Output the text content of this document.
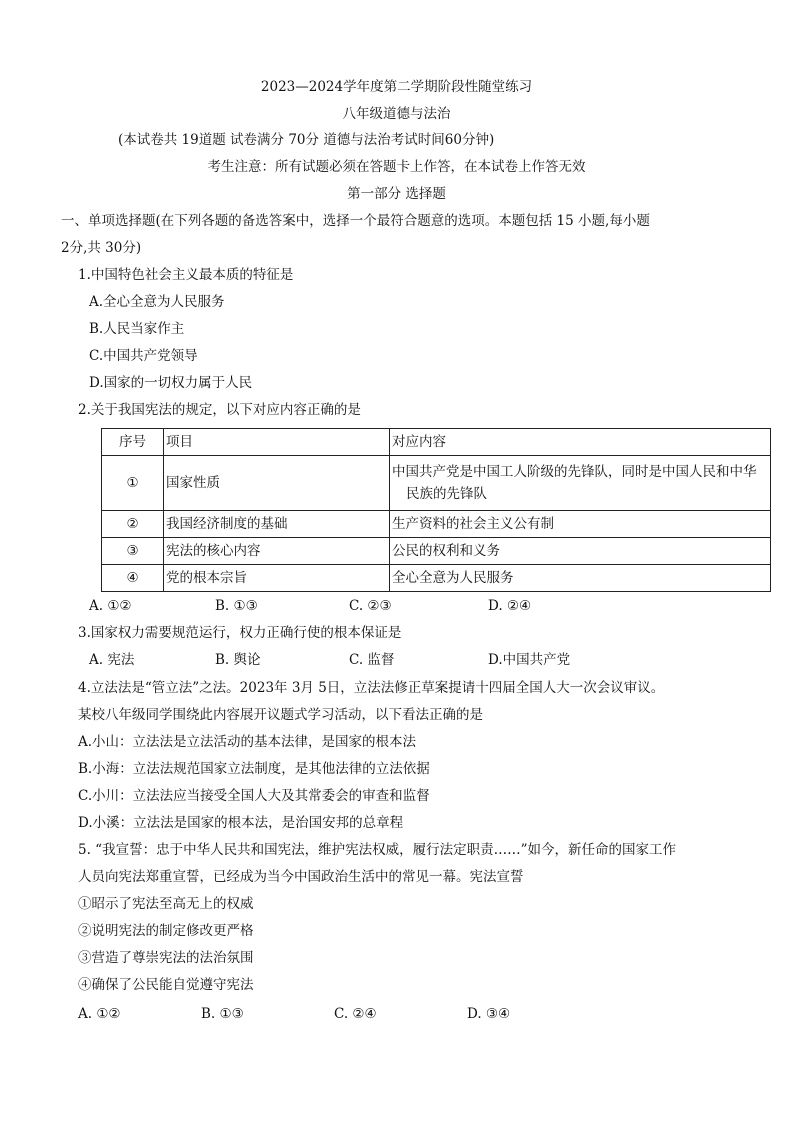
2023—2024学年度第二学期阶段性随堂练习
八年级道德与法治
(本试卷共 19道题 试卷满分 70分 道德与法治考试时间60分钟)
考生注意：所有试题必须在答题卡上作答，在本试卷上作答无效
第一部分 选择题
一、单项选择题(在下列各题的备选答案中，选择一个最符合题意的选项。本题包括 15 小题,每小题
2分,共 30分)
1.中国特色社会主义最本质的特征是
A.全心全意为人民服务
B.人民当家作主
C.中国共产党领导
D.国家的一切权力属于人民
2.关于我国宪法的规定，以下对应内容正确的是
序号	项目	对应内容
①	国家性质	中国共产党是中国工人阶级的先锋队，同时是中国人民和中华
民族的先锋队

②	我国经济制度的基础	生产资料的社会主义公有制
③	宪法的核心内容	公民的权利和义务
④	党的根本宗旨	全心全意为人民服务
A. ①②	B. ①③	C. ②③	D. ②④
3.国家权力需要规范运行，权力正确行使的根本保证是
A. 宪法	B. 舆论	C. 监督	D.中国共产党
4.立法法是“管立法”之法。2023年 3月 5日，立法法修正草案提请十四届全国人大一次会议审议。
某校八年级同学围绕此内容展开议题式学习活动，以下看法正确的是
A.小山：立法法是立法活动的基本法律，是国家的根本法
B.小海：立法法规范国家立法制度，是其他法律的立法依据
C.小川：立法法应当接受全国人大及其常委会的审查和监督
D.小溪：立法法是国家的根本法，是治国安邦的总章程
5. “我宣誓：忠于中华人民共和国宪法，维护宪法权威，履行法定职责……”如今，新任命的国家工作
人员向宪法郑重宣誓，已经成为当今中国政治生活中的常见一幕。宪法宣誓
①昭示了宪法至高无上的权威
②说明宪法的制定修改更严格
③营造了尊崇宪法的法治氛围
④确保了公民能自觉遵守宪法
A. ①②	B. ①③	C. ②④	D. ③④
